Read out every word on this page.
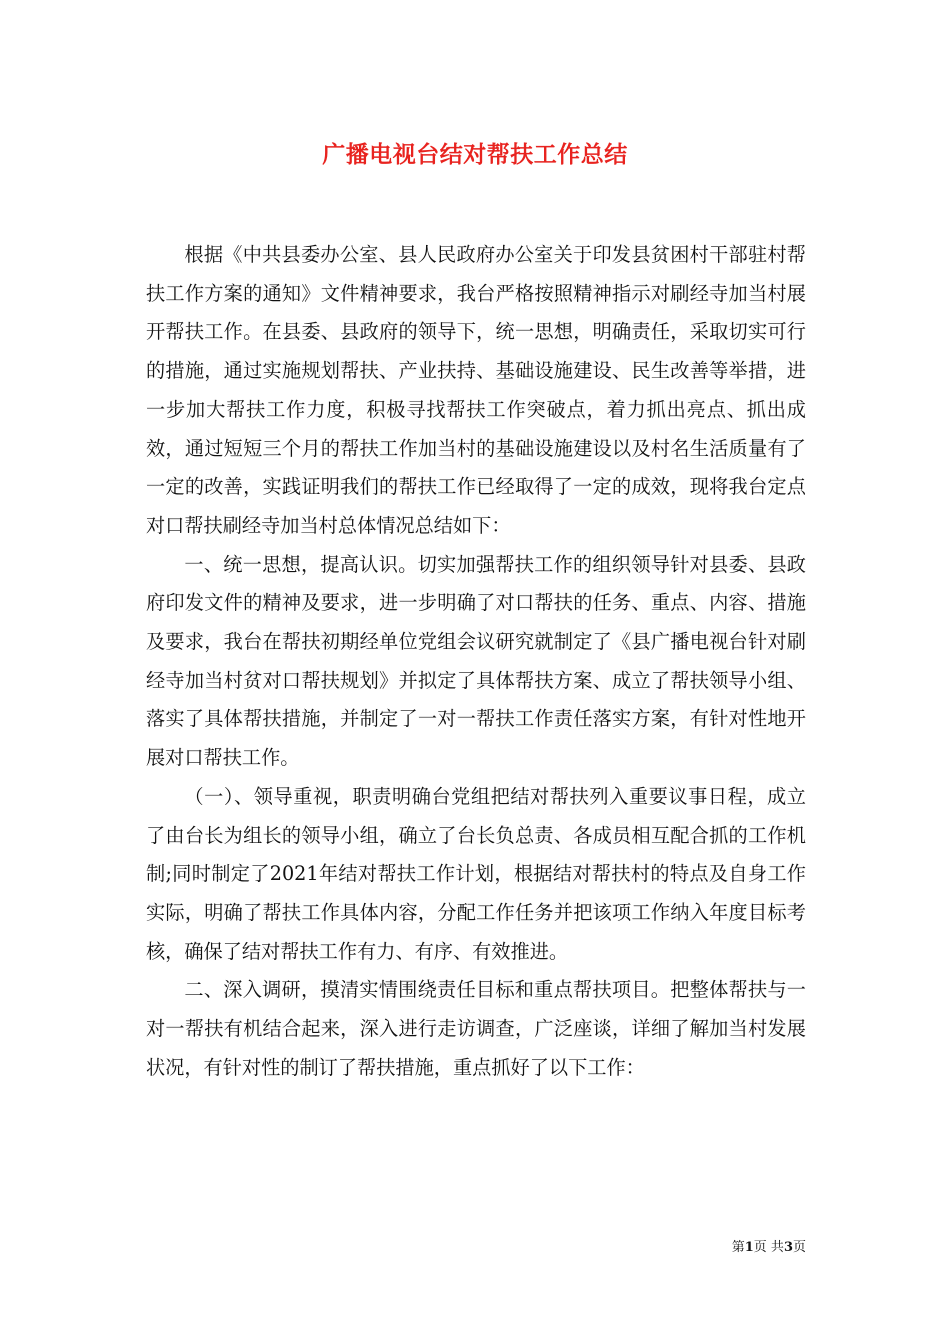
广播电视台结对帮扶工作总结

根据《中共县委办公室、县人民政府办公室关于印发县贫困村干部驻村帮扶工作方案的通知》文件精神要求，我台严格按照精神指示对刷经寺加当村展开帮扶工作。在县委、县政府的领导下，统一思想，明确责任，采取切实可行的措施，通过实施规划帮扶、产业扶持、基础设施建设、民生改善等举措，进一步加大帮扶工作力度，积极寻找帮扶工作突破点，着力抓出亮点、抓出成效，通过短短三个月的帮扶工作加当村的基础设施建设以及村名生活质量有了一定的改善，实践证明我们的帮扶工作已经取得了一定的成效，现将我台定点对口帮扶刷经寺加当村总体情况总结如下：

一、统一思想，提高认识。切实加强帮扶工作的组织领导针对县委、县政府印发文件的精神及要求，进一步明确了对口帮扶的任务、重点、内容、措施及要求，我台在帮扶初期经单位党组会议研究就制定了《县广播电视台针对刷经寺加当村贫对口帮扶规划》并拟定了具体帮扶方案、成立了帮扶领导小组、落实了具体帮扶措施，并制定了一对一帮扶工作责任落实方案，有针对性地开展对口帮扶工作。

（一）、领导重视，职责明确台党组把结对帮扶列入重要议事日程，成立了由台长为组长的领导小组，确立了台长负总责、各成员相互配合抓的工作机制;同时制定了2021年结对帮扶工作计划，根据结对帮扶村的特点及自身工作实际，明确了帮扶工作具体内容，分配工作任务并把该项工作纳入年度目标考核，确保了结对帮扶工作有力、有序、有效推进。

二、深入调研，摸清实情围绕责任目标和重点帮扶项目。把整体帮扶与一对一帮扶有机结合起来，深入进行走访调查，广泛座谈，详细了解加当村发展状况，有针对性的制订了帮扶措施，重点抓好了以下工作：

第1页 共3页
